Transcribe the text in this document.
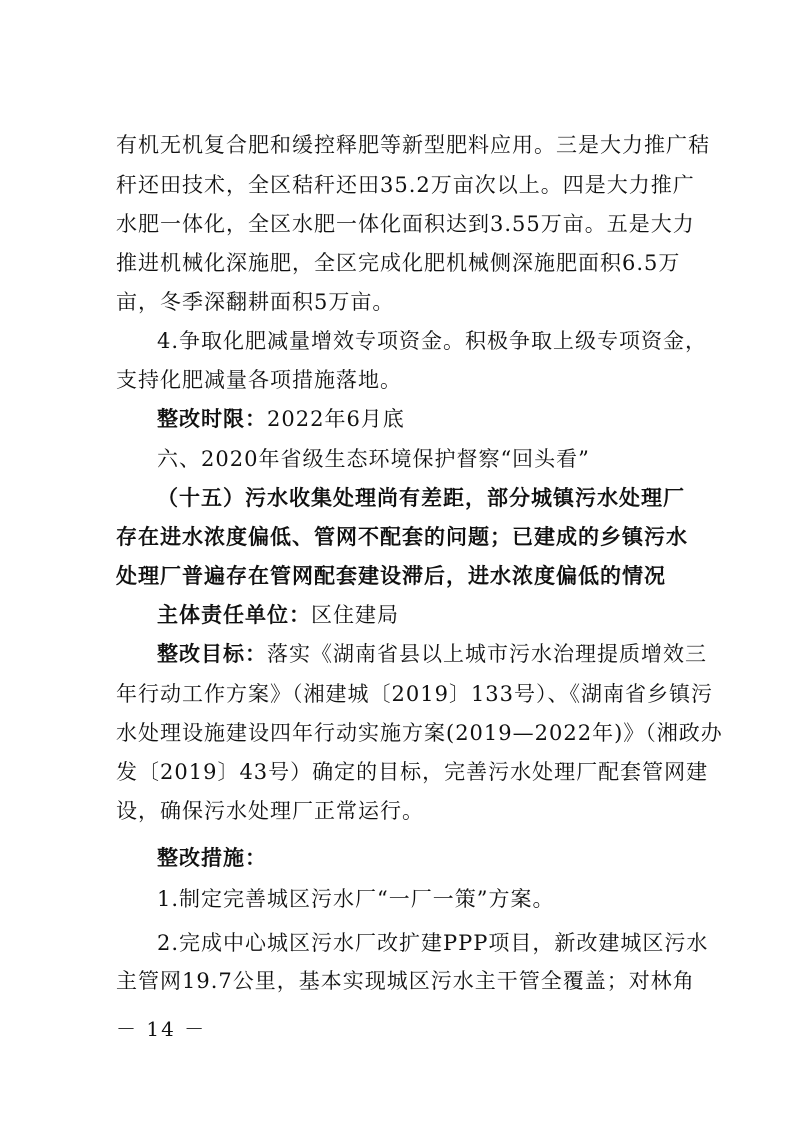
有机无机复合肥和缓控释肥等新型肥料应用。三是大力推广秸
秆还田技术，全区秸秆还田35.2万亩次以上。四是大力推广
水肥一体化，全区水肥一体化面积达到3.55万亩。五是大力
推进机械化深施肥，全区完成化肥机械侧深施肥面积6.5万
亩，冬季深翻耕面积5万亩。
4.争取化肥减量增效专项资金。积极争取上级专项资金，
支持化肥减量各项措施落地。
整改时限：2022年6月底
六、2020年省级生态环境保护督察“回头看”
（十五）污水收集处理尚有差距，部分城镇污水处理厂
存在进水浓度偏低、管网不配套的问题；已建成的乡镇污水
处理厂普遍存在管网配套建设滞后，进水浓度偏低的情况
主体责任单位：区住建局
整改目标：落实《湖南省县以上城市污水治理提质增效三
年行动工作方案》（湘建城〔2019〕133号）、《湖南省乡镇污
水处理设施建设四年行动实施方案(2019—2022年)》（湘政办
发〔2019〕43号）确定的目标，完善污水处理厂配套管网建
设，确保污水处理厂正常运行。
整改措施：
1.制定完善城区污水厂“一厂一策”方案。
2.完成中心城区污水厂改扩建PPP项目，新改建城区污水
主管网19.7公里，基本实现城区污水主干管全覆盖；对林角
－ 14 －
